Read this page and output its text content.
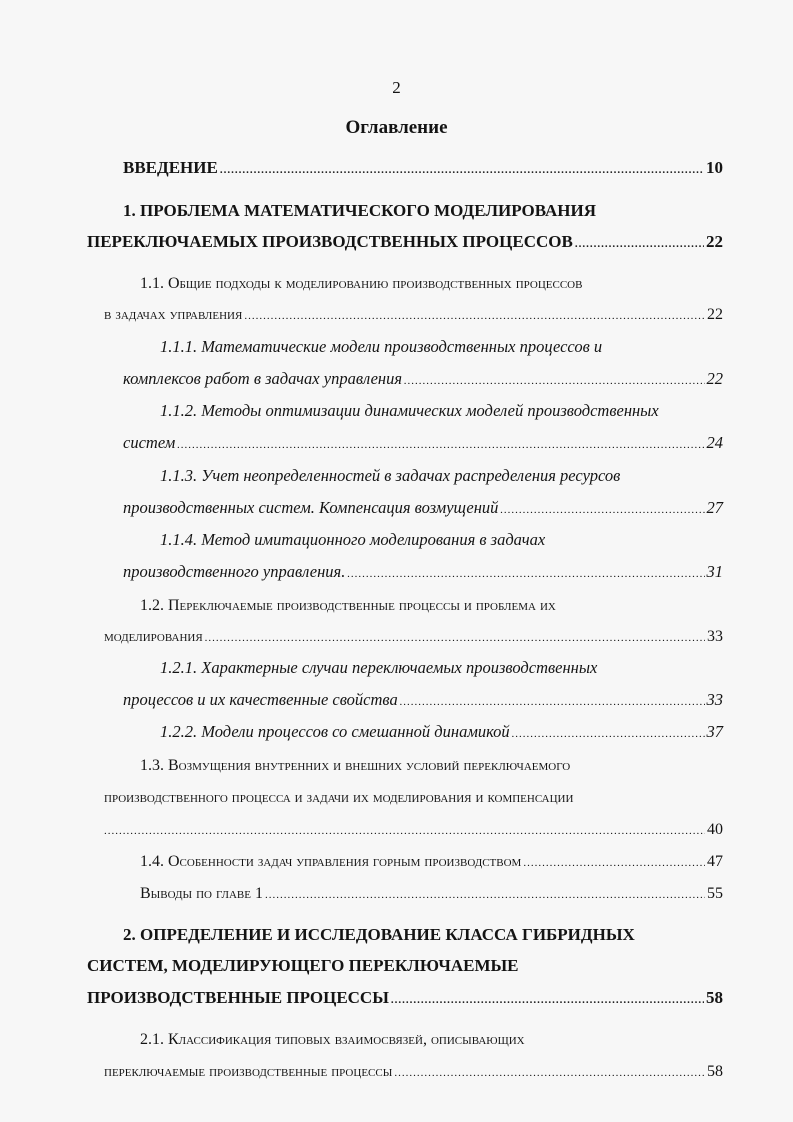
2
Оглавление
ВВЕДЕНИЕ .....	10
1. ПРОБЛЕМА МАТЕМАТИЧЕСКОГО МОДЕЛИРОВАНИЯ
ПЕРЕКЛЮЧАЕМЫХ ПРОИЗВОДСТВЕННЫХ ПРОЦЕССОВ .....	22
1.1. Общие подходы к моделированию производственных процессов
в задачах управления .....	22
1.1.1. Математические модели производственных процессов и
комплексов работ в задачах управления .....	22
1.1.2. Методы оптимизации динамических моделей производственных
систем .....	24
1.1.3. Учет неопределенностей в задачах распределения ресурсов
производственных систем. Компенсация возмущений .....	27
1.1.4. Метод имитационного моделирования в задачах
производственного управления. .....	31
1.2. Переключаемые производственные процессы и проблема их
моделирования .....	33
1.2.1. Характерные случаи переключаемых производственных
процессов и их качественные свойства .....	33
1.2.2. Модели процессов со смешанной динамикой .....	37
1.3. Возмущения внутренних и внешних условий переключаемого
производственного процесса и задачи их моделирования и компенсации
.....
40
1.4. Особенности задач управления горным производством .....	47
Выводы по главе 1 .....	55
2. ОПРЕДЕЛЕНИЕ И ИССЛЕДОВАНИЕ КЛАССА ГИБРИДНЫХ
СИСТЕМ, МОДЕЛИРУЮЩЕГО ПЕРЕКЛЮЧАЕМЫЕ
ПРОИЗВОДСТВЕННЫЕ ПРОЦЕССЫ .....	58
2.1. Классификация типовых взаимосвязей, описывающих
переключаемые производственные процессы .....	58
